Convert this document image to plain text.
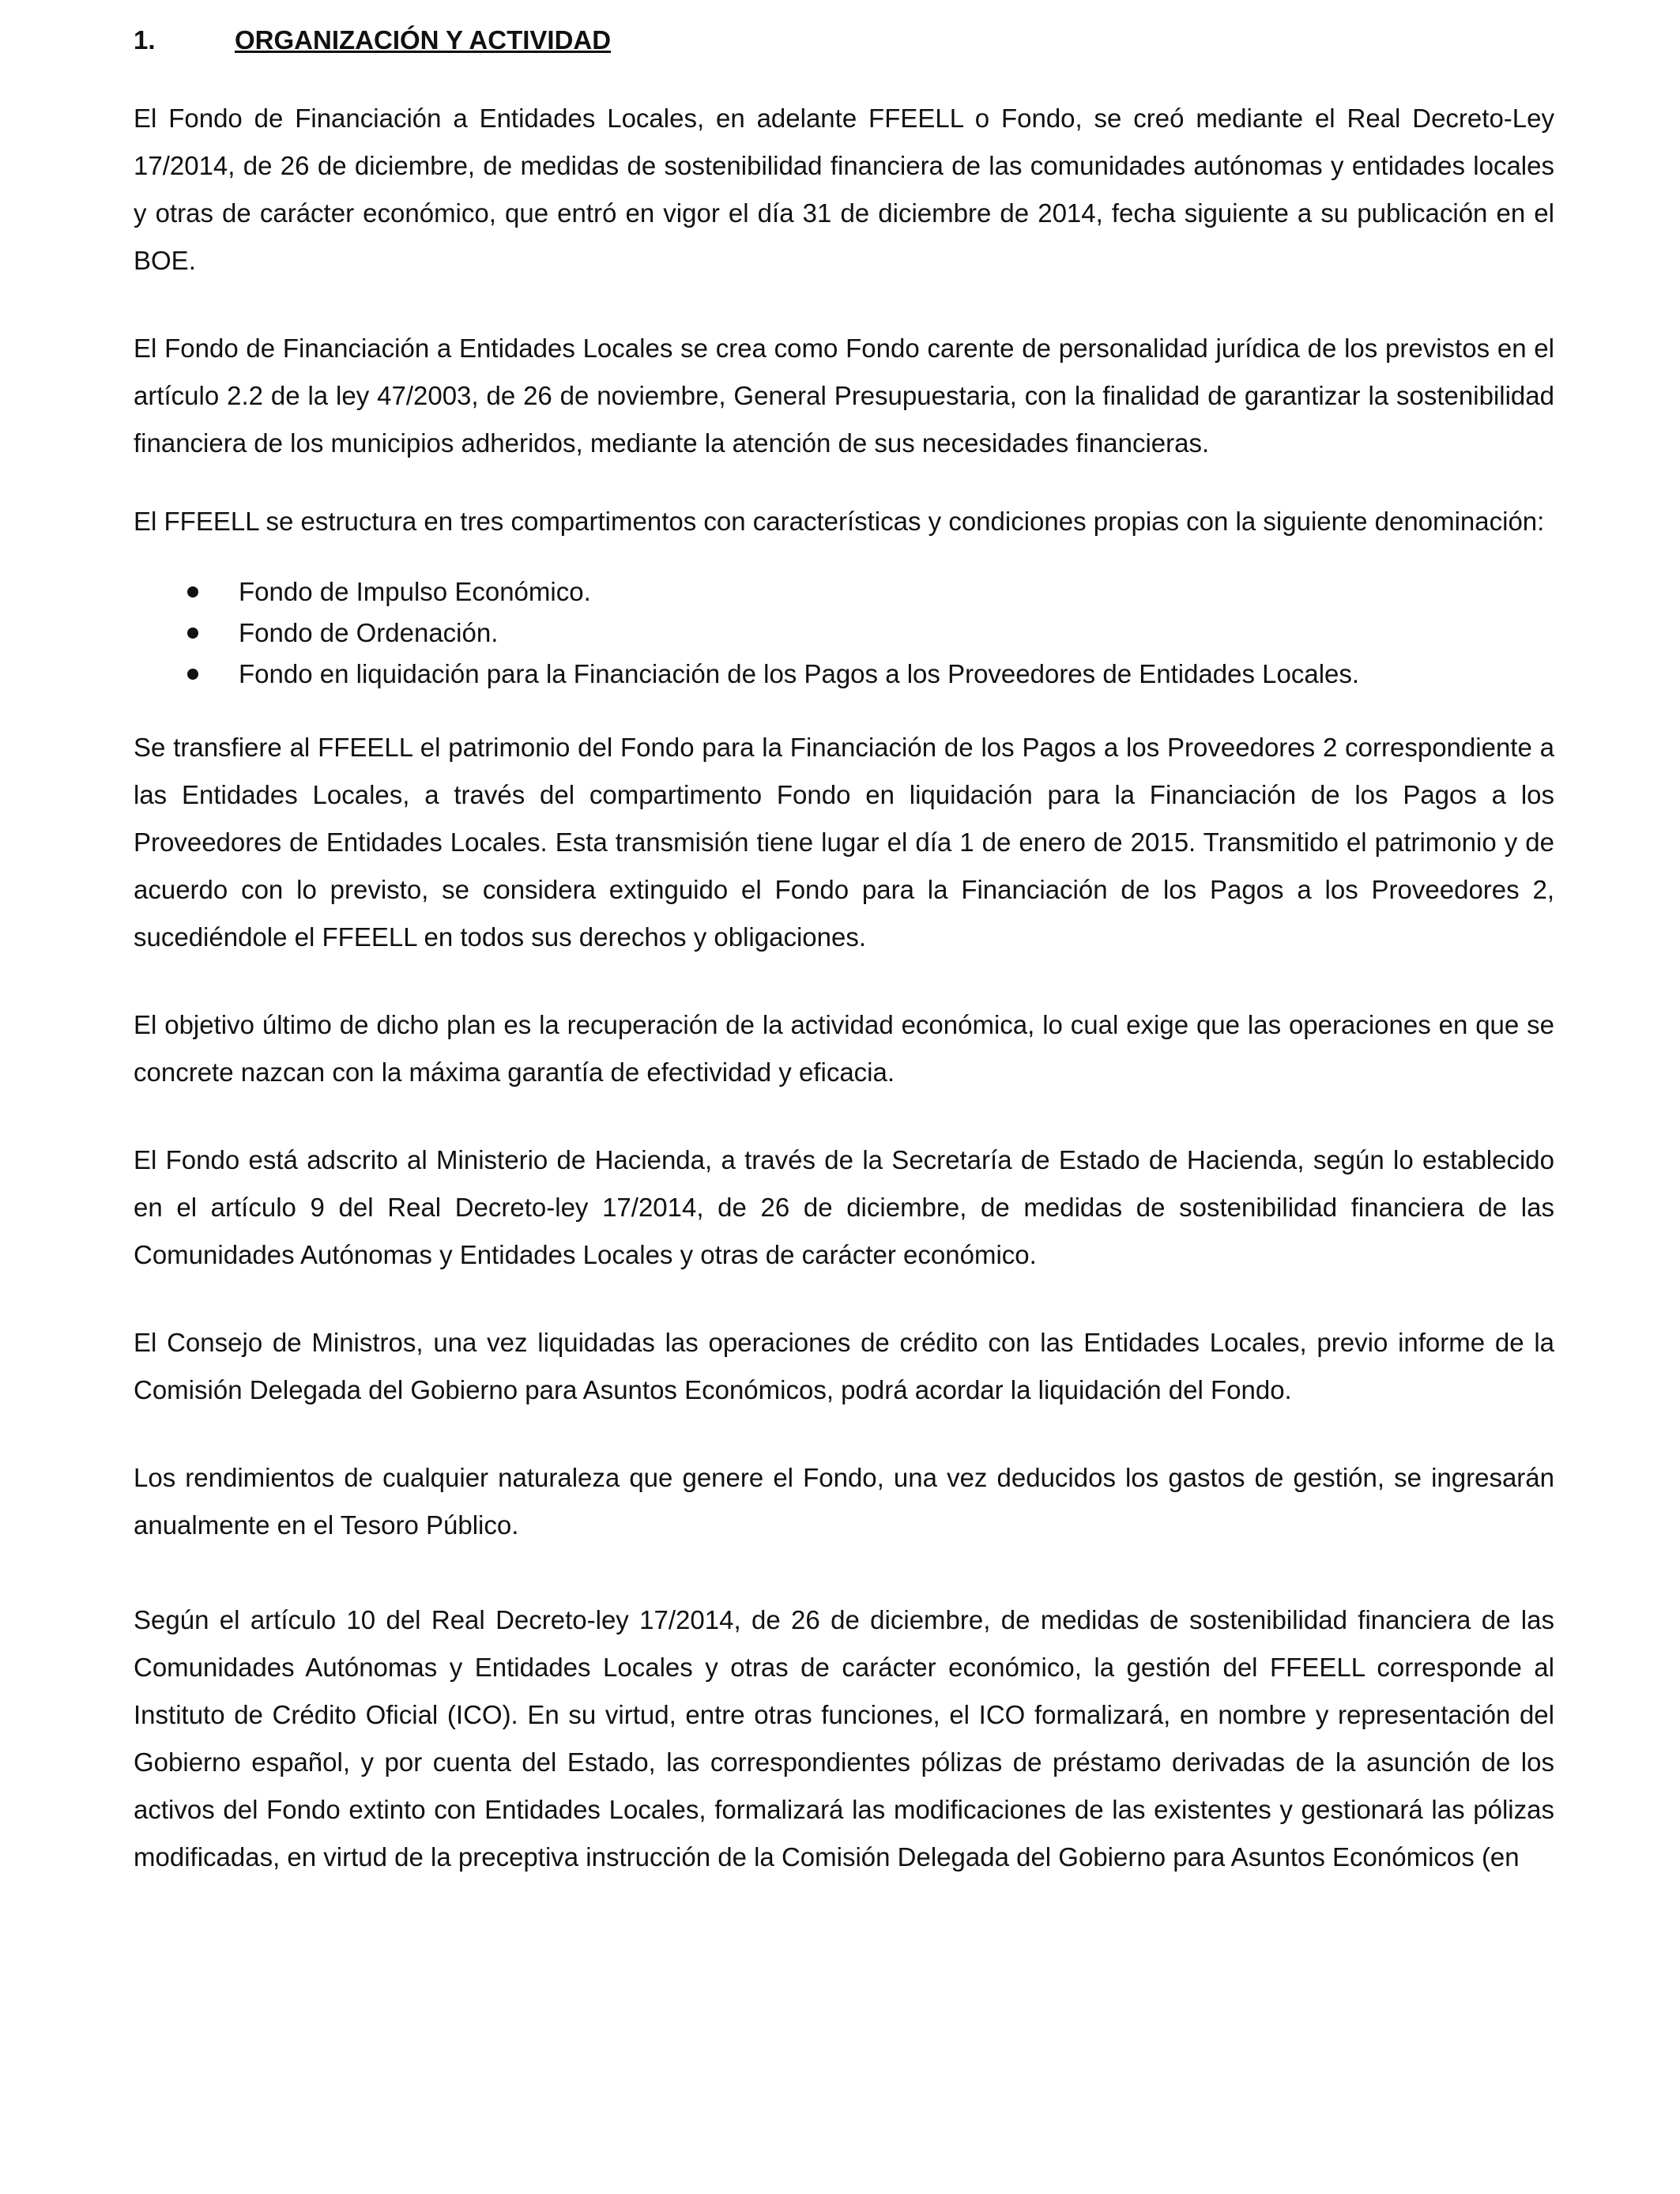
1.	ORGANIZACIÓN Y ACTIVIDAD

El Fondo de Financiación a Entidades Locales, en adelante FFEELL o Fondo, se creó mediante el Real Decreto-Ley 17/2014, de 26 de diciembre, de medidas de sostenibilidad financiera de las comunidades autónomas y entidades locales y otras de carácter económico, que entró en vigor el día 31 de diciembre de 2014, fecha siguiente a su publicación en el BOE.

El Fondo de Financiación a Entidades Locales se crea como Fondo carente de personalidad jurídica de los previstos en el artículo 2.2 de la ley 47/2003, de 26 de noviembre, General Presupuestaria, con la finalidad de garantizar la sostenibilidad financiera de los municipios adheridos, mediante la atención de sus necesidades financieras.

El FFEELL se estructura en tres compartimentos con características y condiciones propias con la siguiente denominación:

Fondo de Impulso Económico.
Fondo de Ordenación.
Fondo en liquidación para la Financiación de los Pagos a los Proveedores de Entidades Locales.

Se transfiere al FFEELL el patrimonio del Fondo para la Financiación de los Pagos a los Proveedores 2 correspondiente a las Entidades Locales, a través del compartimento Fondo en liquidación para la Financiación de los Pagos a los Proveedores de Entidades Locales. Esta transmisión tiene lugar el día 1 de enero de 2015. Transmitido el patrimonio y de acuerdo con lo previsto, se considera extinguido el Fondo para la Financiación de los Pagos a los Proveedores 2, sucediéndole el FFEELL en todos sus derechos y obligaciones.

El objetivo último de dicho plan es la recuperación de la actividad económica, lo cual exige que las operaciones en que se concrete nazcan con la máxima garantía de efectividad y eficacia.

El Fondo está adscrito al Ministerio de Hacienda, a través de la Secretaría de Estado de Hacienda, según lo establecido en el artículo 9 del Real Decreto-ley 17/2014, de 26 de diciembre, de medidas de sostenibilidad financiera de las Comunidades Autónomas y Entidades Locales y otras de carácter económico.

El Consejo de Ministros, una vez liquidadas las operaciones de crédito con las Entidades Locales, previo informe de la Comisión Delegada del Gobierno para Asuntos Económicos, podrá acordar la liquidación del Fondo.

Los rendimientos de cualquier naturaleza que genere el Fondo, una vez deducidos los gastos de gestión, se ingresarán anualmente en el Tesoro Público.

Según el artículo 10 del Real Decreto-ley 17/2014, de 26 de diciembre, de medidas de sostenibilidad financiera de las Comunidades Autónomas y Entidades Locales y otras de carácter económico, la gestión del FFEELL corresponde al Instituto de Crédito Oficial (ICO). En su virtud, entre otras funciones, el ICO formalizará, en nombre y representación del Gobierno español, y por cuenta del Estado, las correspondientes pólizas de préstamo derivadas de la asunción de los activos del Fondo extinto con Entidades Locales, formalizará las modificaciones de las existentes y gestionará las pólizas modificadas, en virtud de la preceptiva instrucción de la Comisión Delegada del Gobierno para Asuntos Económicos (en
